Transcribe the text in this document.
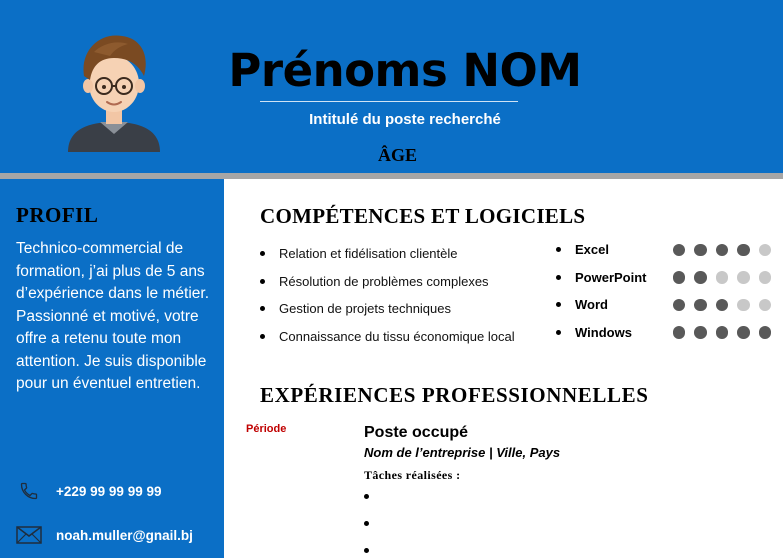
Prénoms NOM
Intitulé du poste recherché
ÂGE
PROFIL
Technico-commercial de formation, j’ai plus de 5 ans d’expérience dans le métier. Passionné et motivé, votre offre a retenu toute mon attention. Je suis disponible pour un éventuel entretien.
+229 99 99 99 99
noah.muller@gnail.bj
COMPÉTENCES ET LOGICIELS
Relation et fidélisation clientèle
Résolution de problèmes complexes
Gestion de projets techniques
Connaissance du tissu économique local
Excel
PowerPoint
Word
Windows
EXPÉRIENCES PROFESSIONNELLES
Période	Poste occupé
Nom de l’entreprise | Ville, Pays
Tâches réalisées :
